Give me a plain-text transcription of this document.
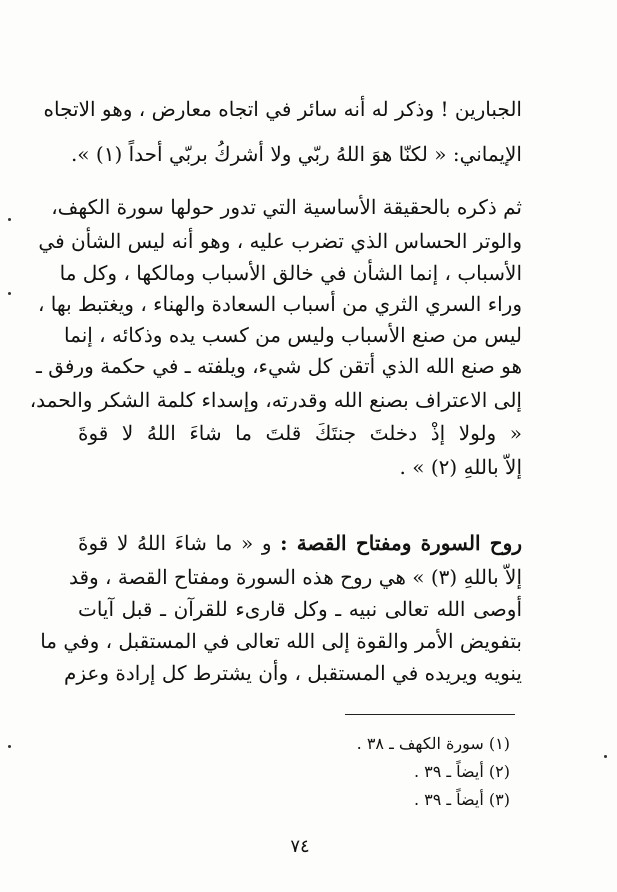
الجبارين ! وذكر له أنه سائر في اتجاه معارض ، وهو الاتجاه
الإيماني: « لكنّا هوَ اللهُ ربّي ولا أشركُ بربّي أحداً (١) ».
ثم ذكره بالحقيقة الأساسية التي تدور حولها سورة الكهف،
والوتر الحساس الذي تضرب عليه ، وهو أنه ليس الشأن في
الأسباب ، إنما الشأن في خالق الأسباب ومالكها ، وكل ما
وراء السري الثري من أسباب السعادة والهناء ، ويغتبط بها ،
ليس من صنع الأسباب وليس من كسب يده وذكائه ، إنما
هو صنع الله الذي أتقن كل شيء، ويلفته ـ في حكمة ورفق ـ
إلى الاعتراف بصنع الله وقدرته، وإسداء كلمة الشكر والحمد،
« ولولا إذْ دخلتَ جنتَكَ قلتَ ما شاءَ اللهُ لا قوةَ
إلاّ باللهِ (٢) » .
روح السورة ومفتاح القصة : و « ما شاءَ اللهُ لا قوةَ
إلاّ باللهِ (٣) » هي روح هذه السورة ومفتاح القصة ، وقد
أوصى الله تعالى نبيه ـ وكل قارىء للقرآن ـ قبل آيات
بتفويض الأمر والقوة إلى الله تعالى في المستقبل ، وفي ما
ينويه ويريده في المستقبل ، وأن يشترط كل إرادة وعزم
(١) سورة الكهف ـ ٣٨ .
(٢) أيضاً ـ ٣٩ .
(٣) أيضاً ـ ٣٩ .
٧٤
